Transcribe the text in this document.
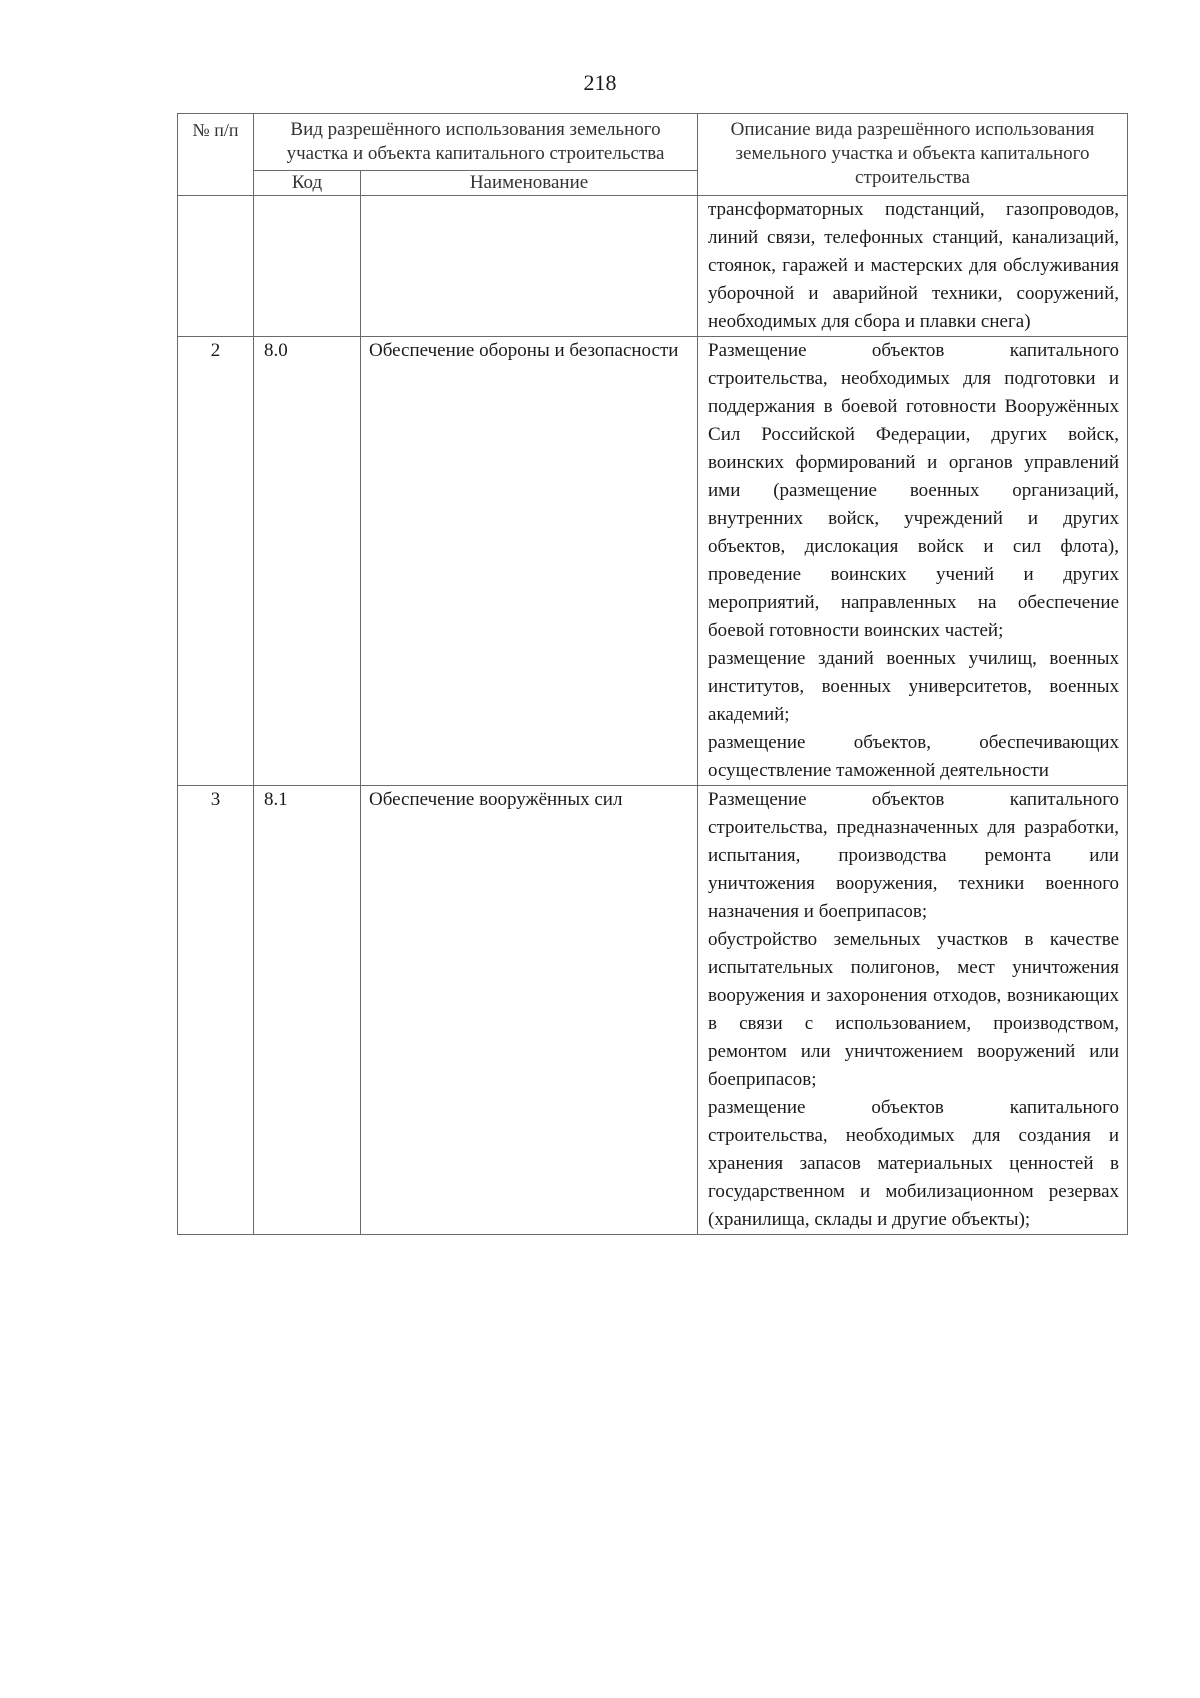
218
№ п/п	Вид разрешённого использования земельного участка и объекта капитального строительства		Описание вида разрешённого использования земельного участка и объекта капитального строительства
	Код	Наименование	

			трансформаторных подстанций, газопроводов, линий связи, телефонных станций, канализаций, стоянок, гаражей и мастерских для обслуживания уборочной и аварийной техники, сооружений, необходимых для сбора и плавки снега)

2	8.0	Обеспечение обороны и безопасности	Размещение объектов капитального строительства, необходимых для подготовки и поддержания в боевой готовности Вооружённых Сил Российской Федерации, других войск, воинских формирований и органов управлений ими (размещение военных организаций, внутренних войск, учреждений и других объектов, дислокация войск и сил флота), проведение воинских учений и других мероприятий, направленных на обеспечение боевой готовности воинских частей;
размещение зданий военных училищ, военных институтов, военных университетов, военных академий;
размещение объектов, обеспечивающих осуществление таможенной деятельности

3	8.1	Обеспечение вооружённых сил	Размещение объектов капитального строительства, предназначенных для разработки, испытания, производства ремонта или уничтожения вооружения, техники военного назначения и боеприпасов;
обустройство земельных участков в качестве испытательных полигонов, мест уничтожения вооружения и захоронения отходов, возникающих в связи с использованием, производством, ремонтом или уничтожением вооружений или боеприпасов;
размещение объектов капитального строительства, необходимых для создания и хранения запасов материальных ценностей в государственном и мобилизационном резервах (хранилища, склады и другие объекты);
